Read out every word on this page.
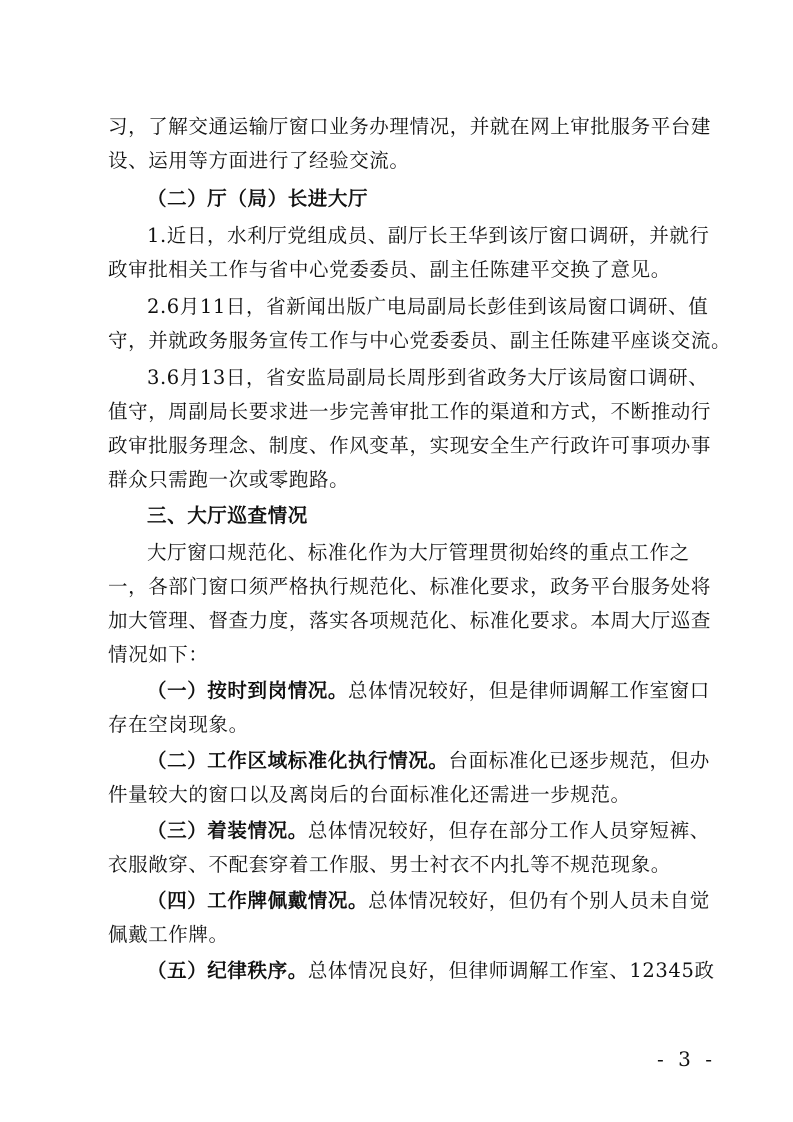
习，了解交通运输厅窗口业务办理情况，并就在网上审批服务平台建
设、运用等方面进行了经验交流。
（二）厅（局）长进大厅
1.近日，水利厅党组成员、副厅长王华到该厅窗口调研，并就行
政审批相关工作与省中心党委委员、副主任陈建平交换了意见。
2.6月11日，省新闻出版广电局副局长彭佳到该局窗口调研、值
守，并就政务服务宣传工作与中心党委委员、副主任陈建平座谈交流。
3.6月13日，省安监局副局长周彤到省政务大厅该局窗口调研、
值守，周副局长要求进一步完善审批工作的渠道和方式，不断推动行
政审批服务理念、制度、作风变革，实现安全生产行政许可事项办事
群众只需跑一次或零跑路。
三、大厅巡查情况
大厅窗口规范化、标准化作为大厅管理贯彻始终的重点工作之
一，各部门窗口须严格执行规范化、标准化要求，政务平台服务处将
加大管理、督查力度，落实各项规范化、标准化要求。本周大厅巡查
情况如下：
（一）按时到岗情况。总体情况较好，但是律师调解工作室窗口
存在空岗现象。
（二）工作区域标准化执行情况。台面标准化已逐步规范，但办
件量较大的窗口以及离岗后的台面标准化还需进一步规范。
（三）着装情况。总体情况较好，但存在部分工作人员穿短裤、
衣服敞穿、不配套穿着工作服、男士衬衣不内扎等不规范现象。
（四）工作牌佩戴情况。总体情况较好，但仍有个别人员未自觉
佩戴工作牌。
（五）纪律秩序。总体情况良好，但律师调解工作室、12345政
- 3 -
